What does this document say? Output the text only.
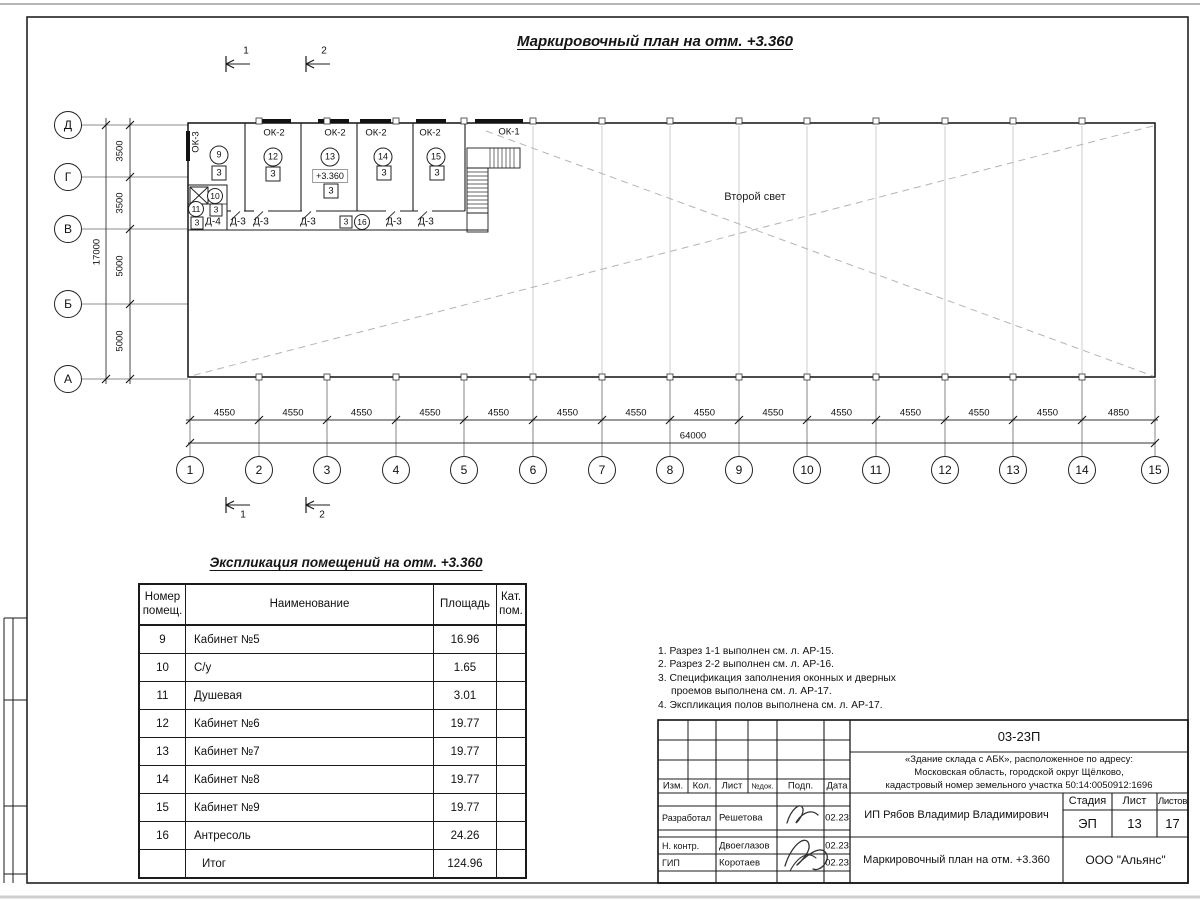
Д
Г
В
Б
А
1	2	3	4	5	6	7	8	9	10	11	12	13	14	15
3500
3500
5000
5000
17000
4550	4550	4550	4550	4550	4550	4550	4550	4550	4550	4550	4550	4550	4850
64000
ОК-2	ОК-2 ОК-2	ОК-2	ОК-1
ОК-3
Д-4 Д-3 Д-3	Д-3	Д-3 Д-3
1	2
1	2
9
3
10
3
11
3
12
3
13
3
+3.360
14
3
15
3
16
3
Изм. Кол. Лист №док. Подп. Дата
Разработал Решетова	02.23
Н. контр. Двоеглазов	02.23
ГИП	Коротаев	02.23
Маркировочный план на отм. +3.360
Экспликация помещений на отм. +3.360
Второй свет
Номер
помещ.	Наименование	Площадь	Кат.
пом.
9	Кабинет №5	16.96	
10	С/у	1.65	
11	Душевая	3.01	
12	Кабинет №6	19.77	
13	Кабинет №7	19.77	
14	Кабинет №8	19.77	
15	Кабинет №9	19.77	
16	Антресоль	24.26	
	Итог	124.96	
1. Разрез 1-1 выполнен см. л. АР-15.
2. Разрез 2-2 выполнен см. л. АР-16.
3. Спецификация заполнения оконных и дверных
проемов выполнена см. л. АР-17.
4. Экспликация полов выполнена см. л. АР-17.
03-23П
«Здание склада с АБК», расположенное по адресу:
Московская область, городской округ Щёлково,
кадастровый номер земельного участка 50:14:0050912:1696
ИП Рябов Владимир Владимирович
Стадия	Лист	Листов
ЭП	13	17
Маркировочный план на отм. +3.360	ООО "Альянс"
